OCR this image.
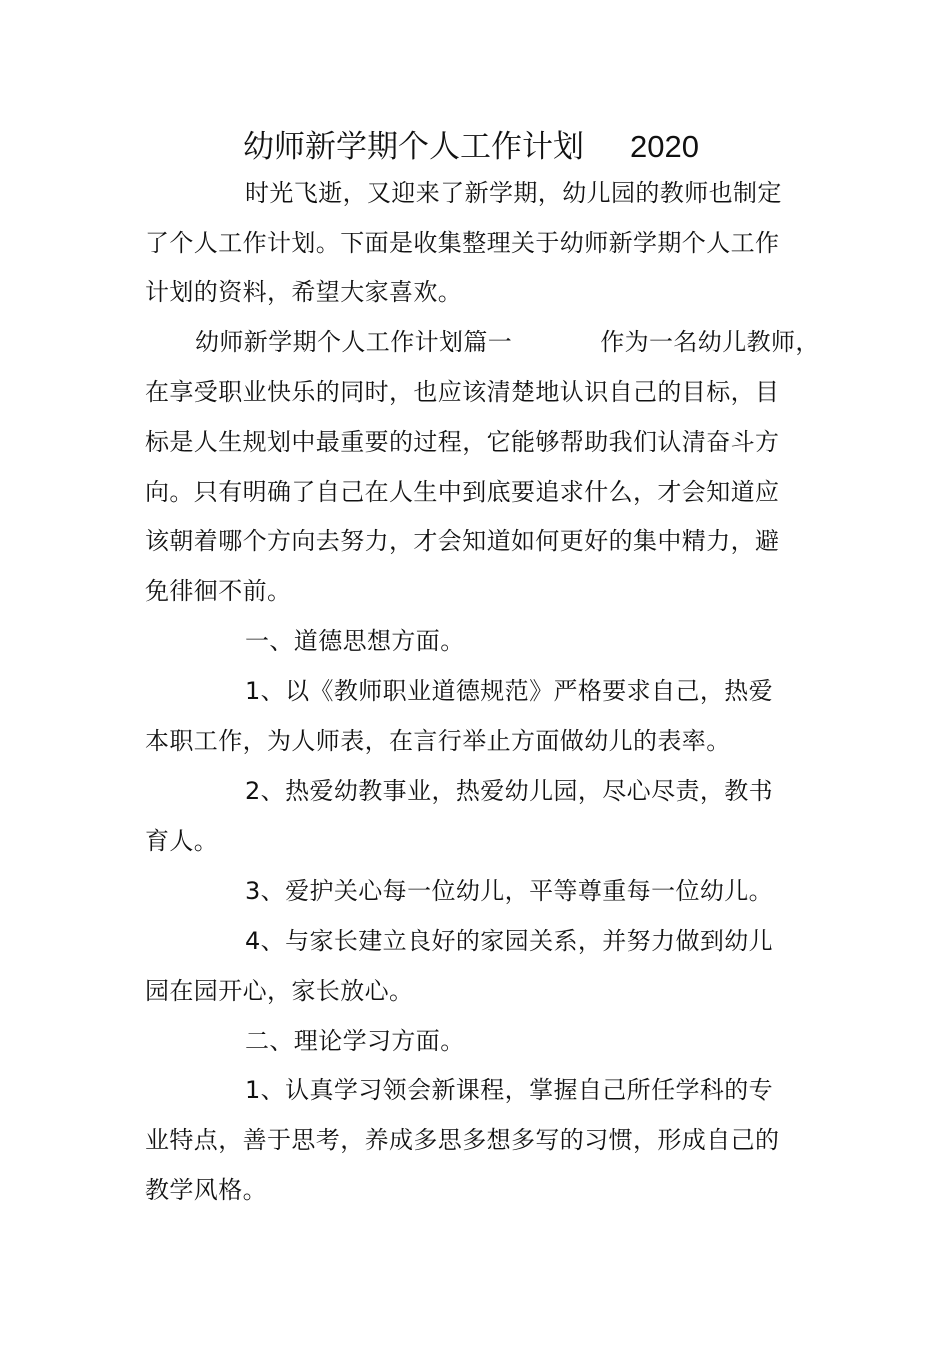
幼师新学期个人工作计划 2020
时光飞逝，又迎来了新学期，幼儿园的教师也制定
了个人工作计划。下面是收集整理关于幼师新学期个人工作
计划的资料，希望大家喜欢。
幼师新学期个人工作计划篇一	作为一名幼儿教师，
在享受职业快乐的同时，也应该清楚地认识自己的目标，目
标是人生规划中最重要的过程，它能够帮助我们认清奋斗方
向。只有明确了自己在人生中到底要追求什么，才会知道应
该朝着哪个方向去努力，才会知道如何更好的集中精力，避
免徘徊不前。
一、道德思想方面。
1、以《教师职业道德规范》严格要求自己，热爱
本职工作，为人师表，在言行举止方面做幼儿的表率。
2、热爱幼教事业，热爱幼儿园，尽心尽责，教书
育人。
3、爱护关心每一位幼儿，平等尊重每一位幼儿。
4、与家长建立良好的家园关系，并努力做到幼儿
园在园开心，家长放心。
二、理论学习方面。
1、认真学习领会新课程，掌握自己所任学科的专
业特点，善于思考，养成多思多想多写的习惯，形成自己的
教学风格。
